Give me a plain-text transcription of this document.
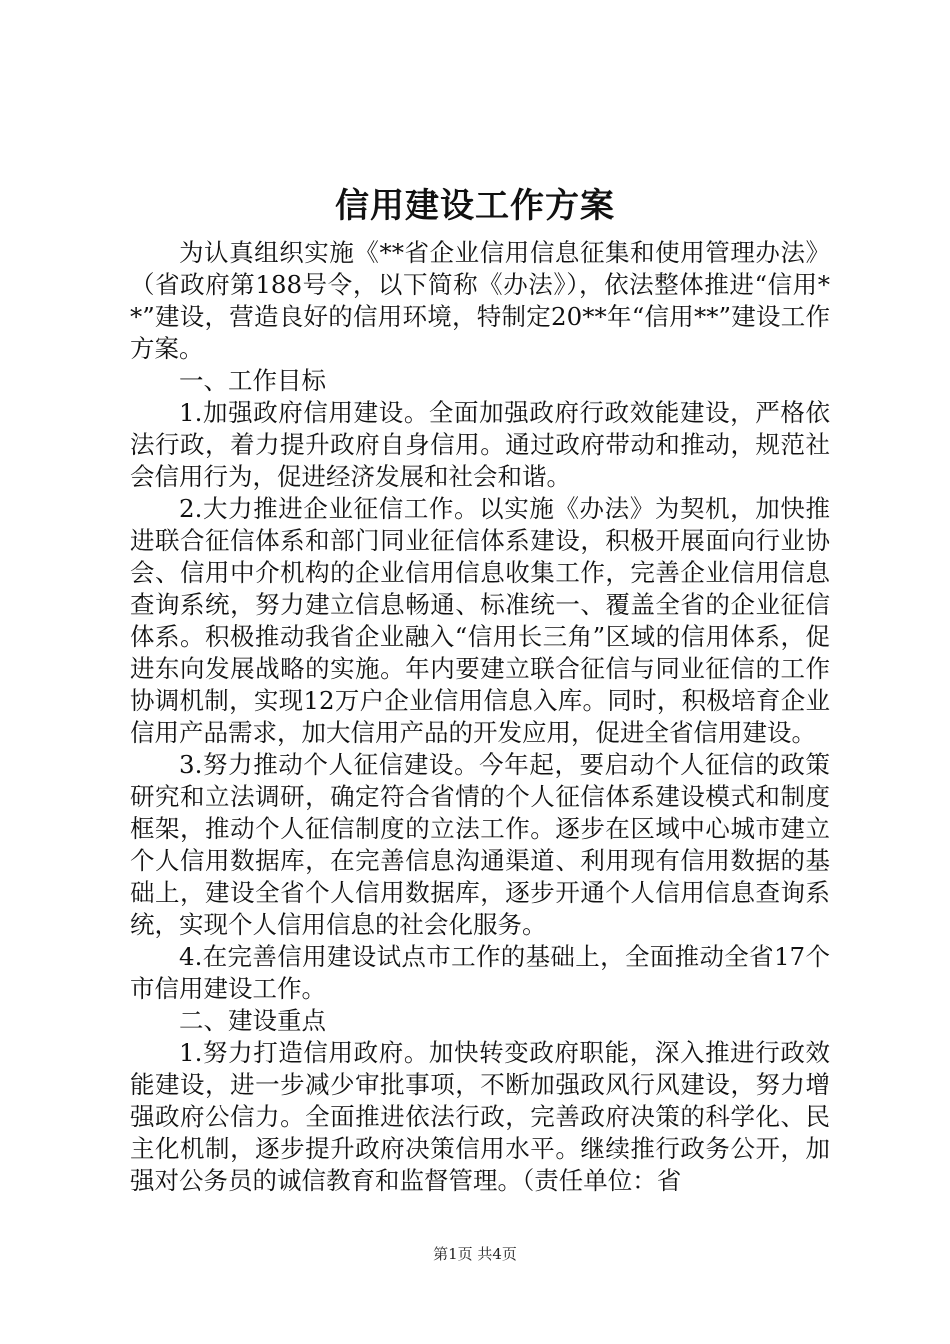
信用建设工作方案

为认真组织实施《**省企业信用信息征集和使用管理办法》（省政府第188号令，以下简称《办法》），依法整体推进“信用**”建设，营造良好的信用环境，特制定20**年“信用**”建设工作方案。

一、工作目标

1.加强政府信用建设。全面加强政府行政效能建设，严格依法行政，着力提升政府自身信用。通过政府带动和推动，规范社会信用行为，促进经济发展和社会和谐。

2.大力推进企业征信工作。以实施《办法》为契机，加快推进联合征信体系和部门同业征信体系建设，积极开展面向行业协会、信用中介机构的企业信用信息收集工作，完善企业信用信息查询系统，努力建立信息畅通、标准统一、覆盖全省的企业征信体系。积极推动我省企业融入“信用长三角”区域的信用体系，促进东向发展战略的实施。年内要建立联合征信与同业征信的工作协调机制，实现12万户企业信用信息入库。同时，积极培育企业信用产品需求，加大信用产品的开发应用，促进全省信用建设。

3.努力推动个人征信建设。今年起，要启动个人征信的政策研究和立法调研，确定符合省情的个人征信体系建设模式和制度框架，推动个人征信制度的立法工作。逐步在区域中心城市建立个人信用数据库，在完善信息沟通渠道、利用现有信用数据的基础上，建设全省个人信用数据库，逐步开通个人信用信息查询系统，实现个人信用信息的社会化服务。

4.在完善信用建设试点市工作的基础上，全面推动全省17个市信用建设工作。

二、建设重点

1.努力打造信用政府。加快转变政府职能，深入推进行政效能建设，进一步减少审批事项，不断加强政风行风建设，努力增强政府公信力。全面推进依法行政，完善政府决策的科学化、民主化机制，逐步提升政府决策信用水平。继续推行政务公开，加强对公务员的诚信教育和监督管理。（责任单位：省

第1页 共4页
